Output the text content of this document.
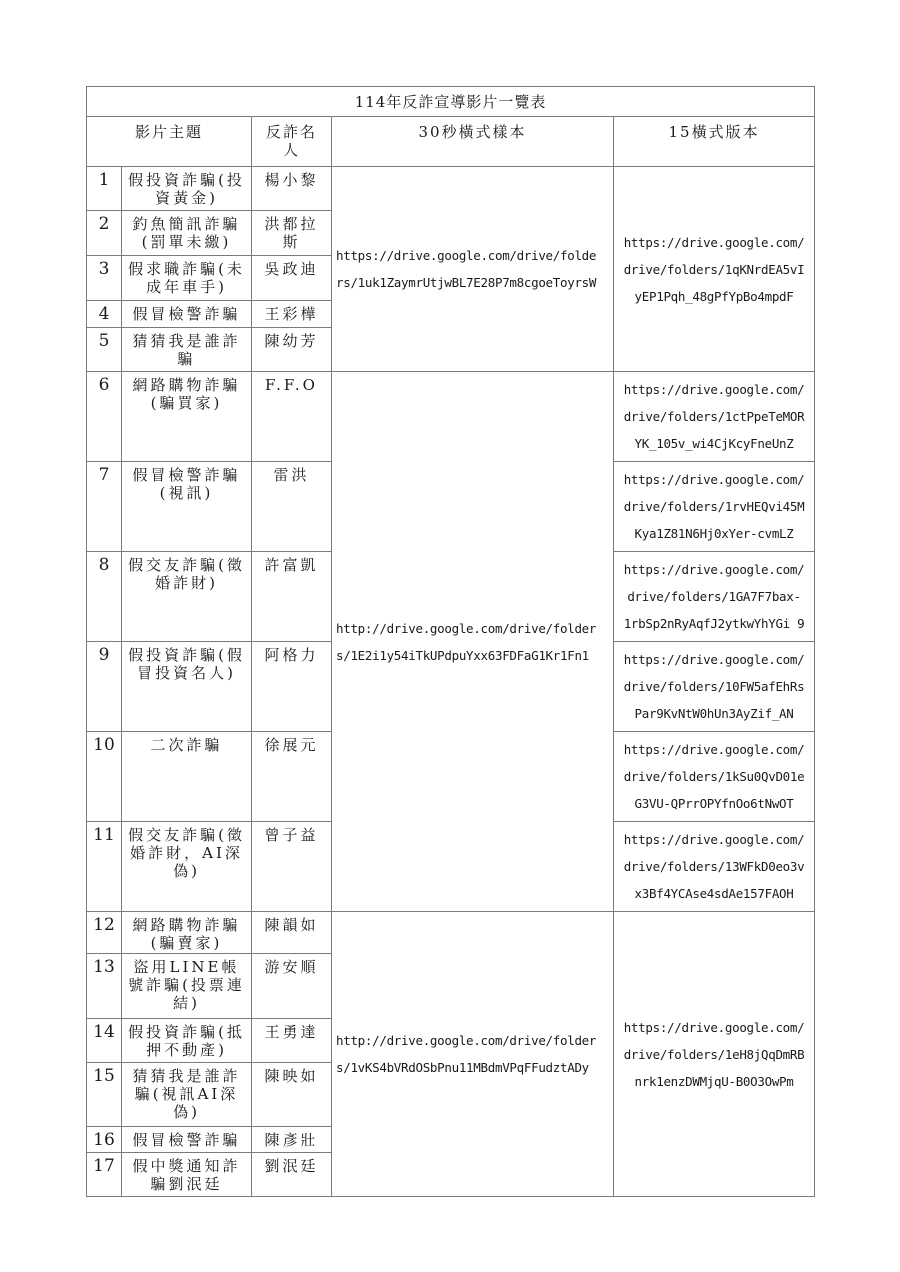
114年反詐宣導影片一覽表				
影片主題		反詐名人	30秒橫式樣本	15橫式版本
1	假投資詐騙(投資黃金)	楊小黎	https://drive.google.com/drive/folde
rs/1uk1ZaymrUtjwBL7E28P7m8cgoeToyrsW	https://drive.google.com/
drive/folders/1qKNrdEA5vI
yEP1Pqh_48gPfYpBo4mpdF

2	釣魚簡訊詐騙(罰單未繳)	洪都拉斯		
3	假求職詐騙(未成年車手)	吳政迪		
4	假冒檢警詐騙	王彩樺		
5	猜猜我是誰詐騙	陳幼芳		
6	網路購物詐騙(騙買家)	F.F.O	http://drive.google.com/drive/folder
s/1E2i1y54iTkUPdpuYxx63FDFaG1Kr1Fn1	https://drive.google.com/
drive/folders/1ctPpeTeMOR
YK_105v_wi4CjKcyFneUnZ

7	假冒檢警詐騙(視訊)	雷洪		https://drive.google.com/
drive/folders/1rvHEQvi45M
Kya1Z81N6Hj0xYer-cvmLZ

8	假交友詐騙(徵婚詐財)	許富凱		https://drive.google.com/
drive/folders/1GA7F7bax-
1rbSp2nRyAqfJ2ytkwYhYGi 9

9	假投資詐騙(假冒投資名人)	阿格力		https://drive.google.com/
drive/folders/10FW5afEhRs
Par9KvNtW0hUn3AyZif_AN

10	二次詐騙	徐展元		https://drive.google.com/
drive/folders/1kSu0QvD01e
G3VU-QPrrOPYfnOo6tNwOT

11	假交友詐騙(徵婚詐財，AI深偽)	曾子益		https://drive.google.com/
drive/folders/13WFkD0eo3v
x3Bf4YCAse4sdAe157FAOH

12	網路購物詐騙(騙賣家)	陳韻如	http://drive.google.com/drive/folder
s/1vKS4bVRdOSbPnu11MBdmVPqFFudztADy	https://drive.google.com/
drive/folders/1eH8jQqDmRB
nrk1enzDWMjqU-B0O3OwPm

13	盜用LINE帳號詐騙(投票連結)	游安順		
14	假投資詐騙(抵押不動產)	王勇達		
15	猜猜我是誰詐騙(視訊AI深偽)	陳映如		
16	假冒檢警詐騙	陳彥壯		
17	假中獎通知詐騙劉泯廷	劉泯廷		
